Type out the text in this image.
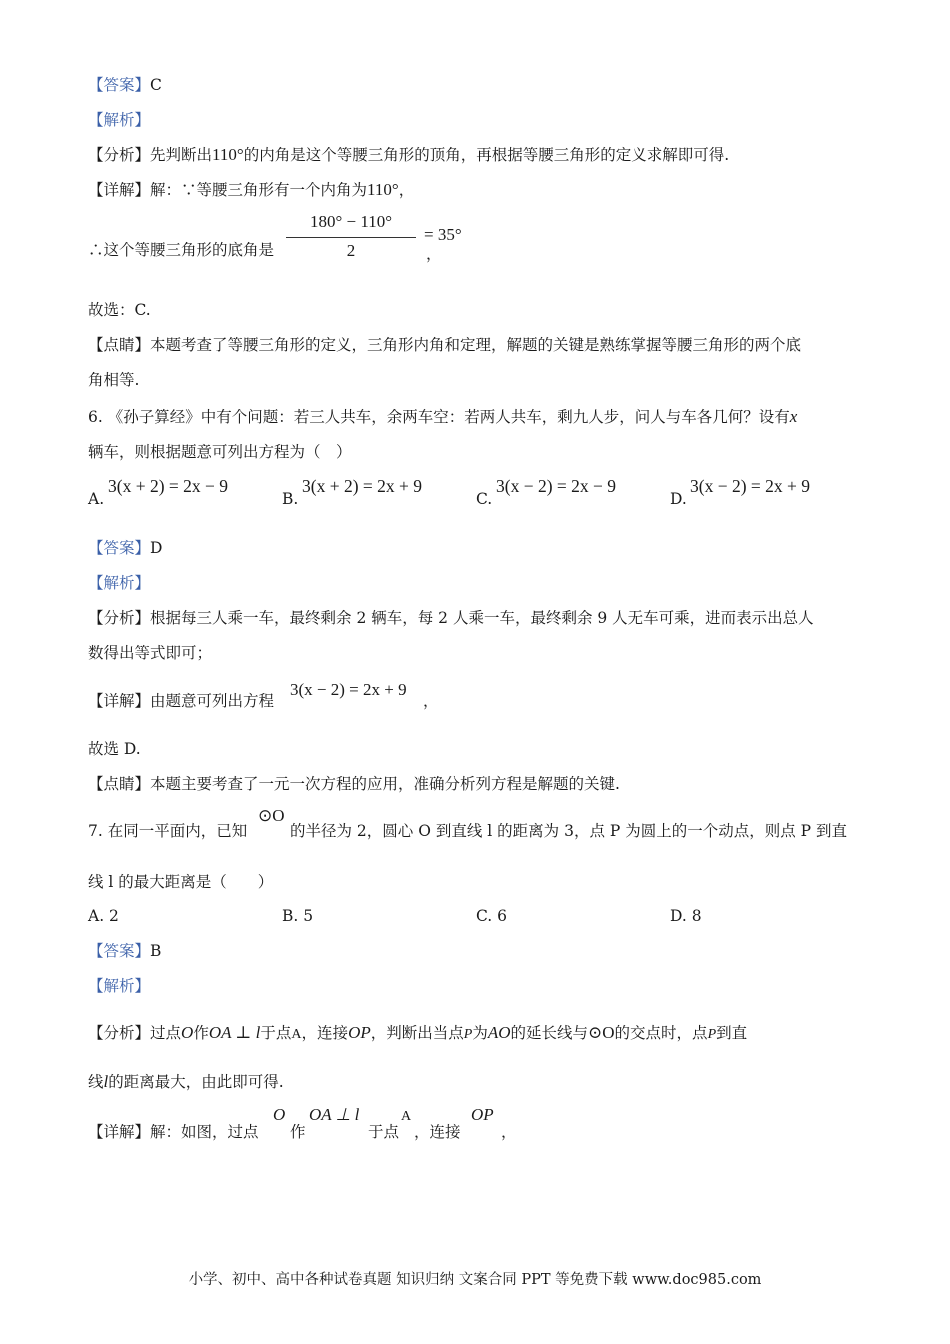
【答案】C
【解析】
【分析】先判断出110°的内角是这个等腰三角形的顶角，再根据等腰三角形的定义求解即可得.
【详解】解：∵等腰三角形有一个内角为110°，
∴这个等腰三角形的底角是
180° − 110°
2
= 35°
，
故选：C.
【点睛】本题考查了等腰三角形的定义，三角形内角和定理，解题的关键是熟练掌握等腰三角形的两个底
角相等.
6. 《孙子算经》中有个问题：若三人共车，余两车空：若两人共车，剩九人步，问人与车各几何？设有x
辆车，则根据题意可列出方程为（　）
A.
3(x + 2) = 2x − 9
B.
3(x + 2) = 2x + 9
C.
3(x − 2) = 2x − 9
D.
3(x − 2) = 2x + 9
【答案】D
【解析】
【分析】根据每三人乘一车，最终剩余 2 辆车，每 2 人乘一车，最终剩余 9 人无车可乘，进而表示出总人
数得出等式即可；
【详解】由题意可列出方程
3(x − 2) = 2x + 9
，
故选 D.
【点睛】本题主要考查了一元一次方程的应用，准确分析列方程是解题的关键.
7. 在同一平面内，已知
⊙O
的半径为 2，圆心 O 到直线 l 的距离为 3，点 P 为圆上的一个动点，则点 P 到直
线 l 的最大距离是（　　）
A. 2	B. 5	C. 6	D. 8
【答案】B
【解析】
【分析】过点O作OA ⊥ l于点A，连接OP，判断出当点P为AO的延长线与⊙O的交点时，点P到直
线l的距离最大，由此即可得.
【详解】解：如图，过点
O
作
OA ⊥ l
于点
A
，连接
OP
，
小学、初中、高中各种试卷真题 知识归纳 文案合同 PPT 等免费下载 www.doc985.com
